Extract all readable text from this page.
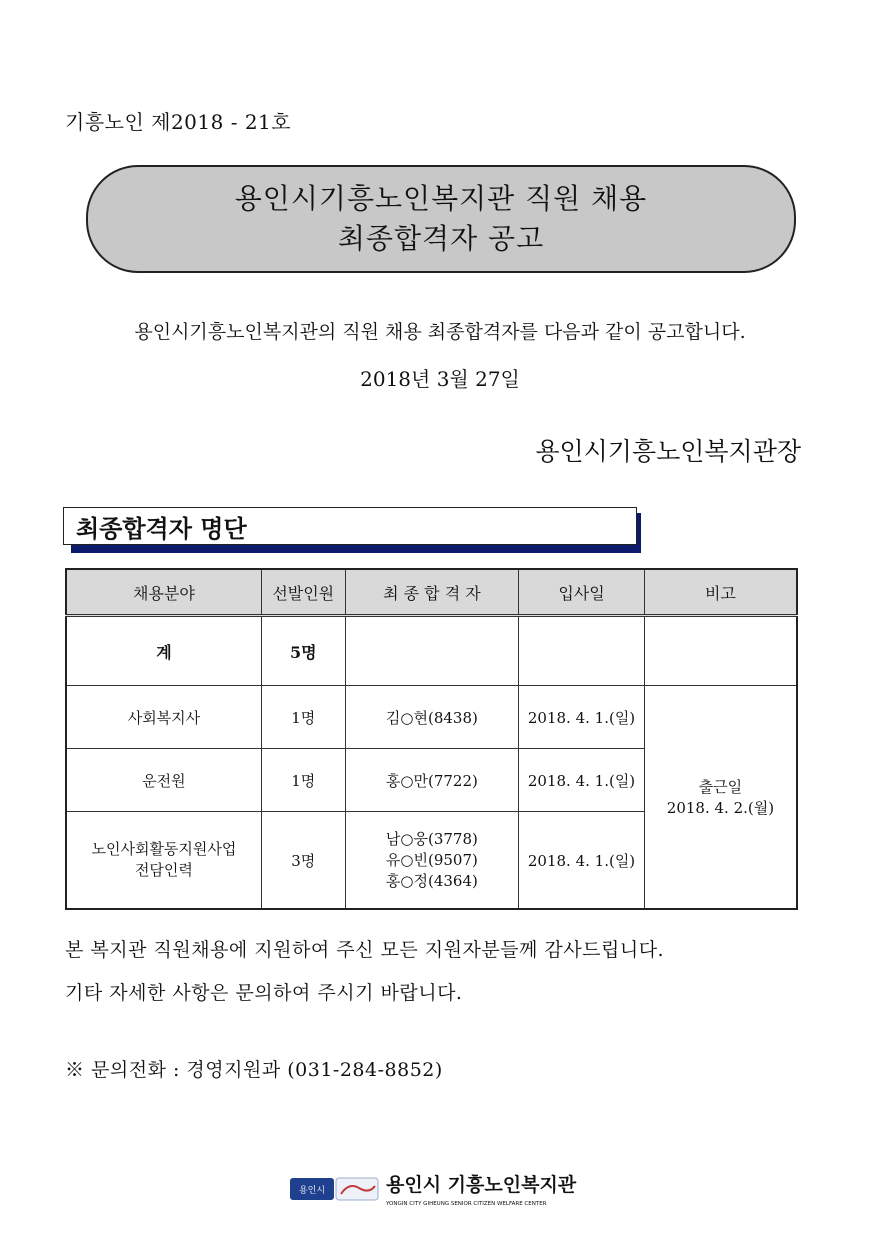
기흥노인 제2018 - 21호
용인시기흥노인복지관 직원 채용
최종합격자 공고
용인시기흥노인복지관의 직원 채용 최종합격자를 다음과 같이 공고합니다.
2018년 3월 27일
용인시기흥노인복지관장
최종합격자 명단
채용분야	선발인원	최 종 합 격 자	입사일	비고
계	5명			
사회복지사	1명	김○현(8438)	2018. 4. 1.(일)	출근일
2018. 4. 2.(월)

운전원	1명	홍○만(7722)	2018. 4. 1.(일)	

노인사회활동지원사업
전담인력	3명	남○웅(3778)
유○빈(9507)
홍○정(4364)	2018. 4. 1.(일)	
본 복지관 직원채용에 지원하여 주신 모든 지원자분들께 감사드립니다.
기타 자세한 사항은 문의하여 주시기 바랍니다.
※ 문의전화 : 경영지원과 (031-284-8852)
용인시	용인시 기흥노인복지관
YONGIN CITY GIHEUNG SENIOR CITIZEN WELFARE CENTER
